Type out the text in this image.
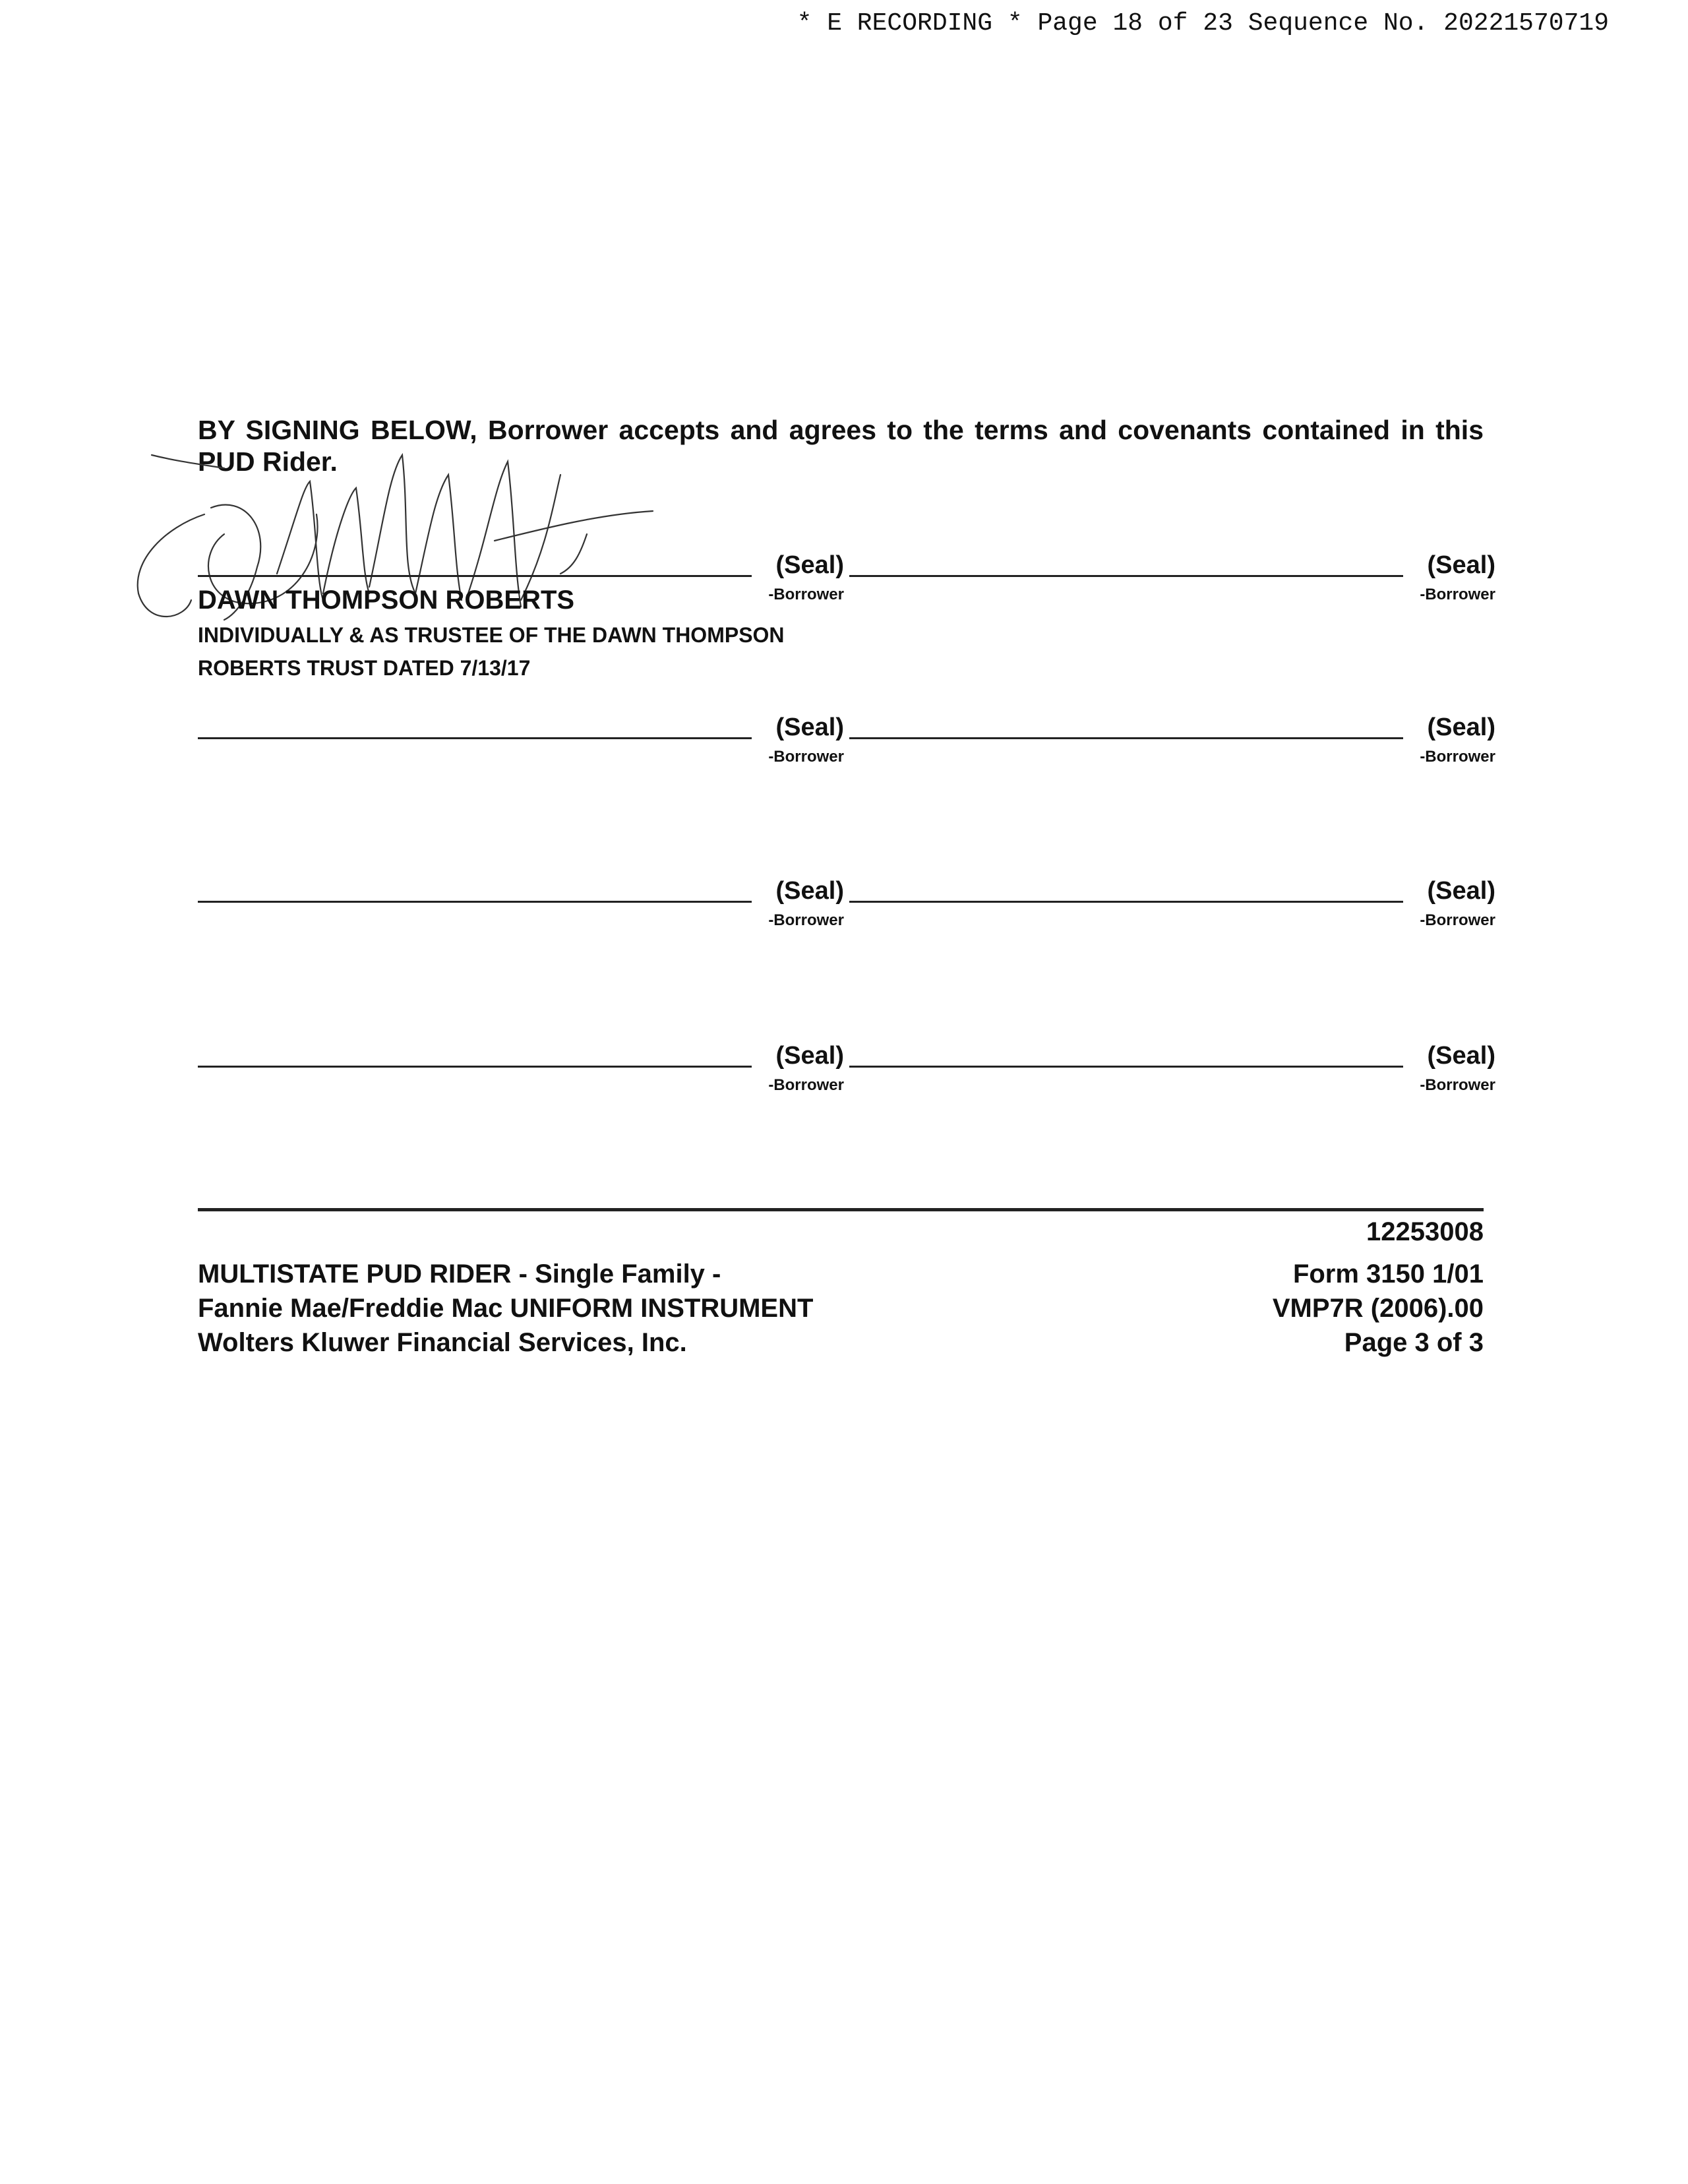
* E RECORDING * Page 18 of 23 Sequence No. 20221570719
BY SIGNING BELOW, Borrower accepts and agrees to the terms and covenants contained in this PUD Rider.
(Seal)
-Borrower
(Seal)
-Borrower
DAWN THOMPSON ROBERTS
INDIVIDUALLY & AS TRUSTEE OF THE DAWN THOMPSON
ROBERTS TRUST DATED 7/13/17
(Seal)
-Borrower
(Seal)
-Borrower
(Seal)
-Borrower
(Seal)
-Borrower
(Seal)
-Borrower
(Seal)
-Borrower
MULTISTATE PUD RIDER - Single Family -
Fannie Mae/Freddie Mac UNIFORM INSTRUMENT
Wolters Kluwer Financial Services, Inc.
12253008
Form 3150 1/01
VMP7R (2006).00
Page 3 of 3
